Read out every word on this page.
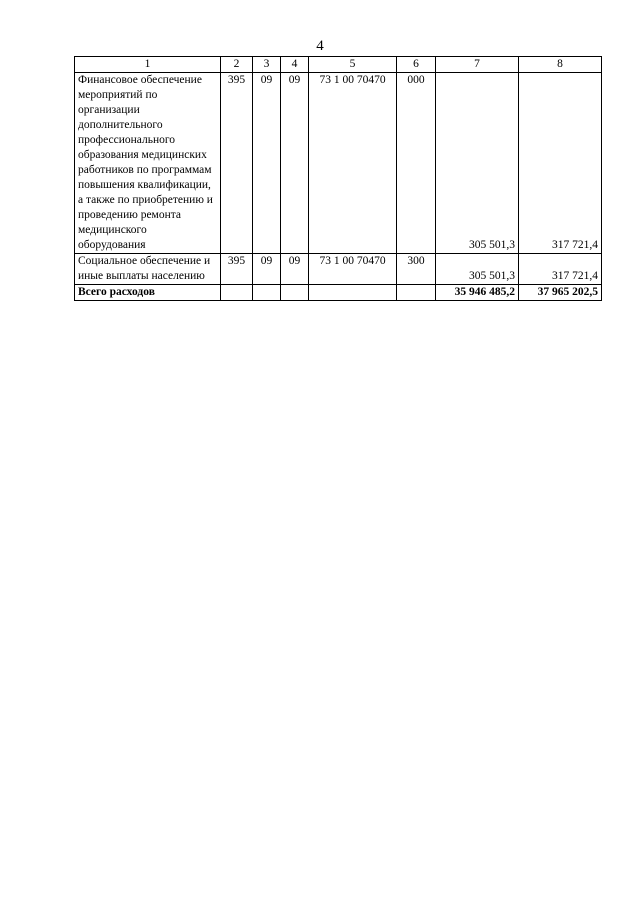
4
1	2	3	4	5	6	7	8
Финансовое обеспечение мероприятий по организации дополнительного профессионального образования медицинских работников по программам повышения квалификации, а также по приобретению и проведению ремонта медицинского оборудования	395	09	09	73 1 00 70470	000	305 501,3	317 721,4
Социальное обеспечение и иные выплаты населению	395	09	09	73 1 00 70470	300	305 501,3	317 721,4
Всего расходов						35 946 485,2	37 965 202,5
